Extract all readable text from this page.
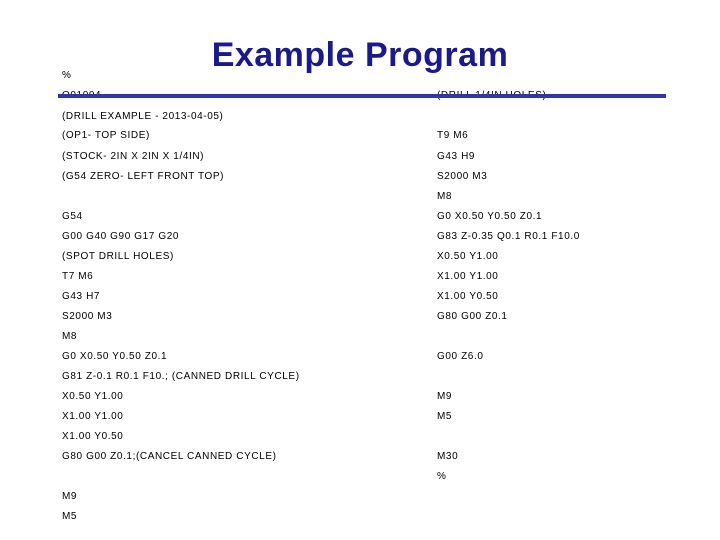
Example Program
%
(DRILL EXAMPLE - 2013-04-05)
(OP1- TOP SIDE)
(STOCK- 2IN X 2IN X 1/4IN)
(G54 ZERO- LEFT FRONT TOP)
G54
G00 G40 G90 G17 G20
(SPOT DRILL HOLES)
T7 M6
G43 H7
S2000 M3
M8
G0 X0.50 Y0.50 Z0.1
G81 Z-0.1 R0.1 F10.; (CANNED DRILL CYCLE)
X0.50 Y1.00
X1.00 Y1.00
X1.00 Y0.50
G80 G00 Z0.1;(CANCEL CANNED CYCLE)
M9
M5
T9 M6
G43 H9
S2000 M3
M8
G0 X0.50 Y0.50 Z0.1
G83 Z-0.35 Q0.1 R0.1 F10.0
X0.50 Y1.00
X1.00 Y1.00
X1.00 Y0.50
G80 G00 Z0.1
G00 Z6.0
M9
M5
M30
%
